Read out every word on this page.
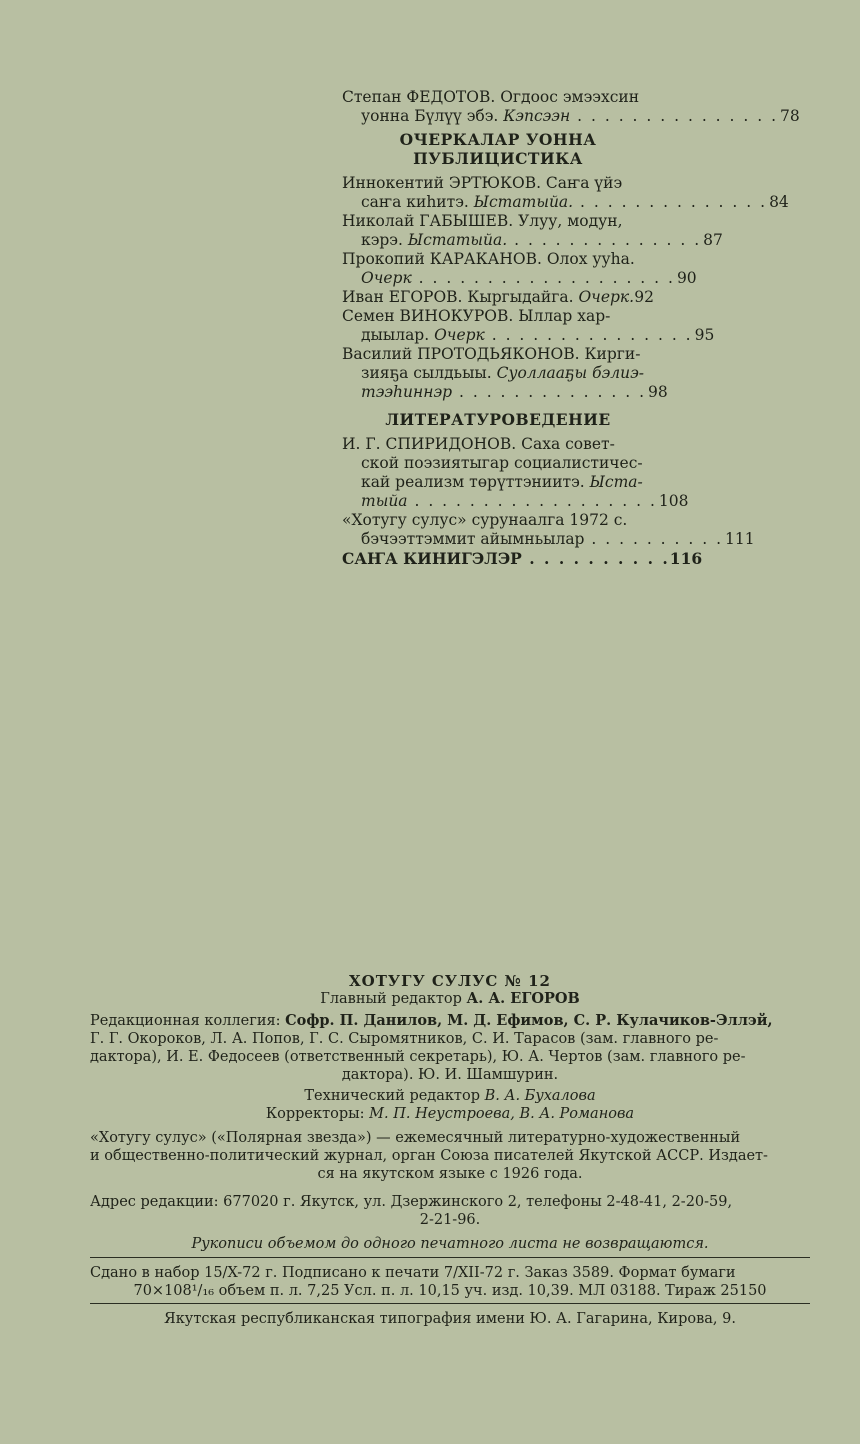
Степан ФЕДОТОВ. Огдоос эмээхсин
уонна Бүлүү эбэ.
Кэпсээн . . . . . . . . . . . . . . . 78
ОЧЕРКАЛАР УОННА
ПУБЛИЦИСТИКА
Иннокентий ЭРТЮКОВ. Саҥа үйэ
саҥа киһитэ.
Ыстатыйа. . . . . . . . . . . . . . . 84
Николай ГАБЫШЕВ. Улуу, модун,
кэрэ.
Ыстатыйа. . . . . . . . . . . . . . . 87
Прокопий КАРАКАНОВ. Олох ууһа.
Очерк . . . . . . . . . . . . . . . . . . . 90
Иван ЕГОРОВ. Кыргыдайга.
Очерк. 92
Семен ВИНОКУРОВ. Ыллар хар-
дыылар.
Очерк . . . . . . . . . . . . . . . 95
Василий ПРОТОДЬЯКОНОВ. Кирги-
зияҕа сылдьыы.
Суоллааҕы бэлиэ-
тээһиннэр . . . . . . . . . . . . . . 98
ЛИТЕРАТУРОВЕДЕНИЕ
И. Г. СПИРИДОНОВ. Саха совет-
ской поэзиятыгар социалистичес-
кай реализм төрүттэниитэ.
Ыста-
тыйа . . . . . . . . . . . . . . . . . . 108
«Хотугу сулус» сурунаалга 1972 с.
бэчээттэммит айымньылар . . . . . . . . . . 111
САҤА КИНИГЭЛЭР . . . . . . . . . . 116

ХОТУГУ СУЛУС № 12

Главный редактор А. А. ЕГОРОВ

Редакционная коллегия: Софр. П. Данилов, М. Д. Ефимов, С. Р. Кулачиков-Эллэй,

Г. Г. Окороков, Л. А. Попов, Г. С. Сыромятников, С. И. Тарасов (зам. главного ре-

дактора), И. Е. Федосеев (ответственный секретарь), Ю. А. Чертов (зам. главного ре-

дактора). Ю. И. Шамшурин.

Технический редактор В. А. Бухалова

Корректоры: М. П. Неустроева, В. А. Романова

«Хотугу сулус» («Полярная звезда») — ежемесячный литературно-художественный

и общественно-политический журнал, орган Союза писателей Якутской АССР. Издает-

ся на якутском языке с 1926 года.

Адрес редакции: 677020 г. Якутск, ул. Дзержинского 2, телефоны 2-48-41, 2-20-59,

2-21-96.

Рукописи объемом до одного печатного листа не возвращаются.

Сдано в набор 15/X-72 г. Подписано к печати 7/XII-72 г. Заказ 3589. Формат бумаги

70×108¹/₁₆ объем п. л. 7,25 Усл. п. л. 10,15 уч. изд. 10,39. МЛ 03188. Тираж 25150

Якутская республиканская типография имени Ю. А. Гагарина, Кирова, 9.
